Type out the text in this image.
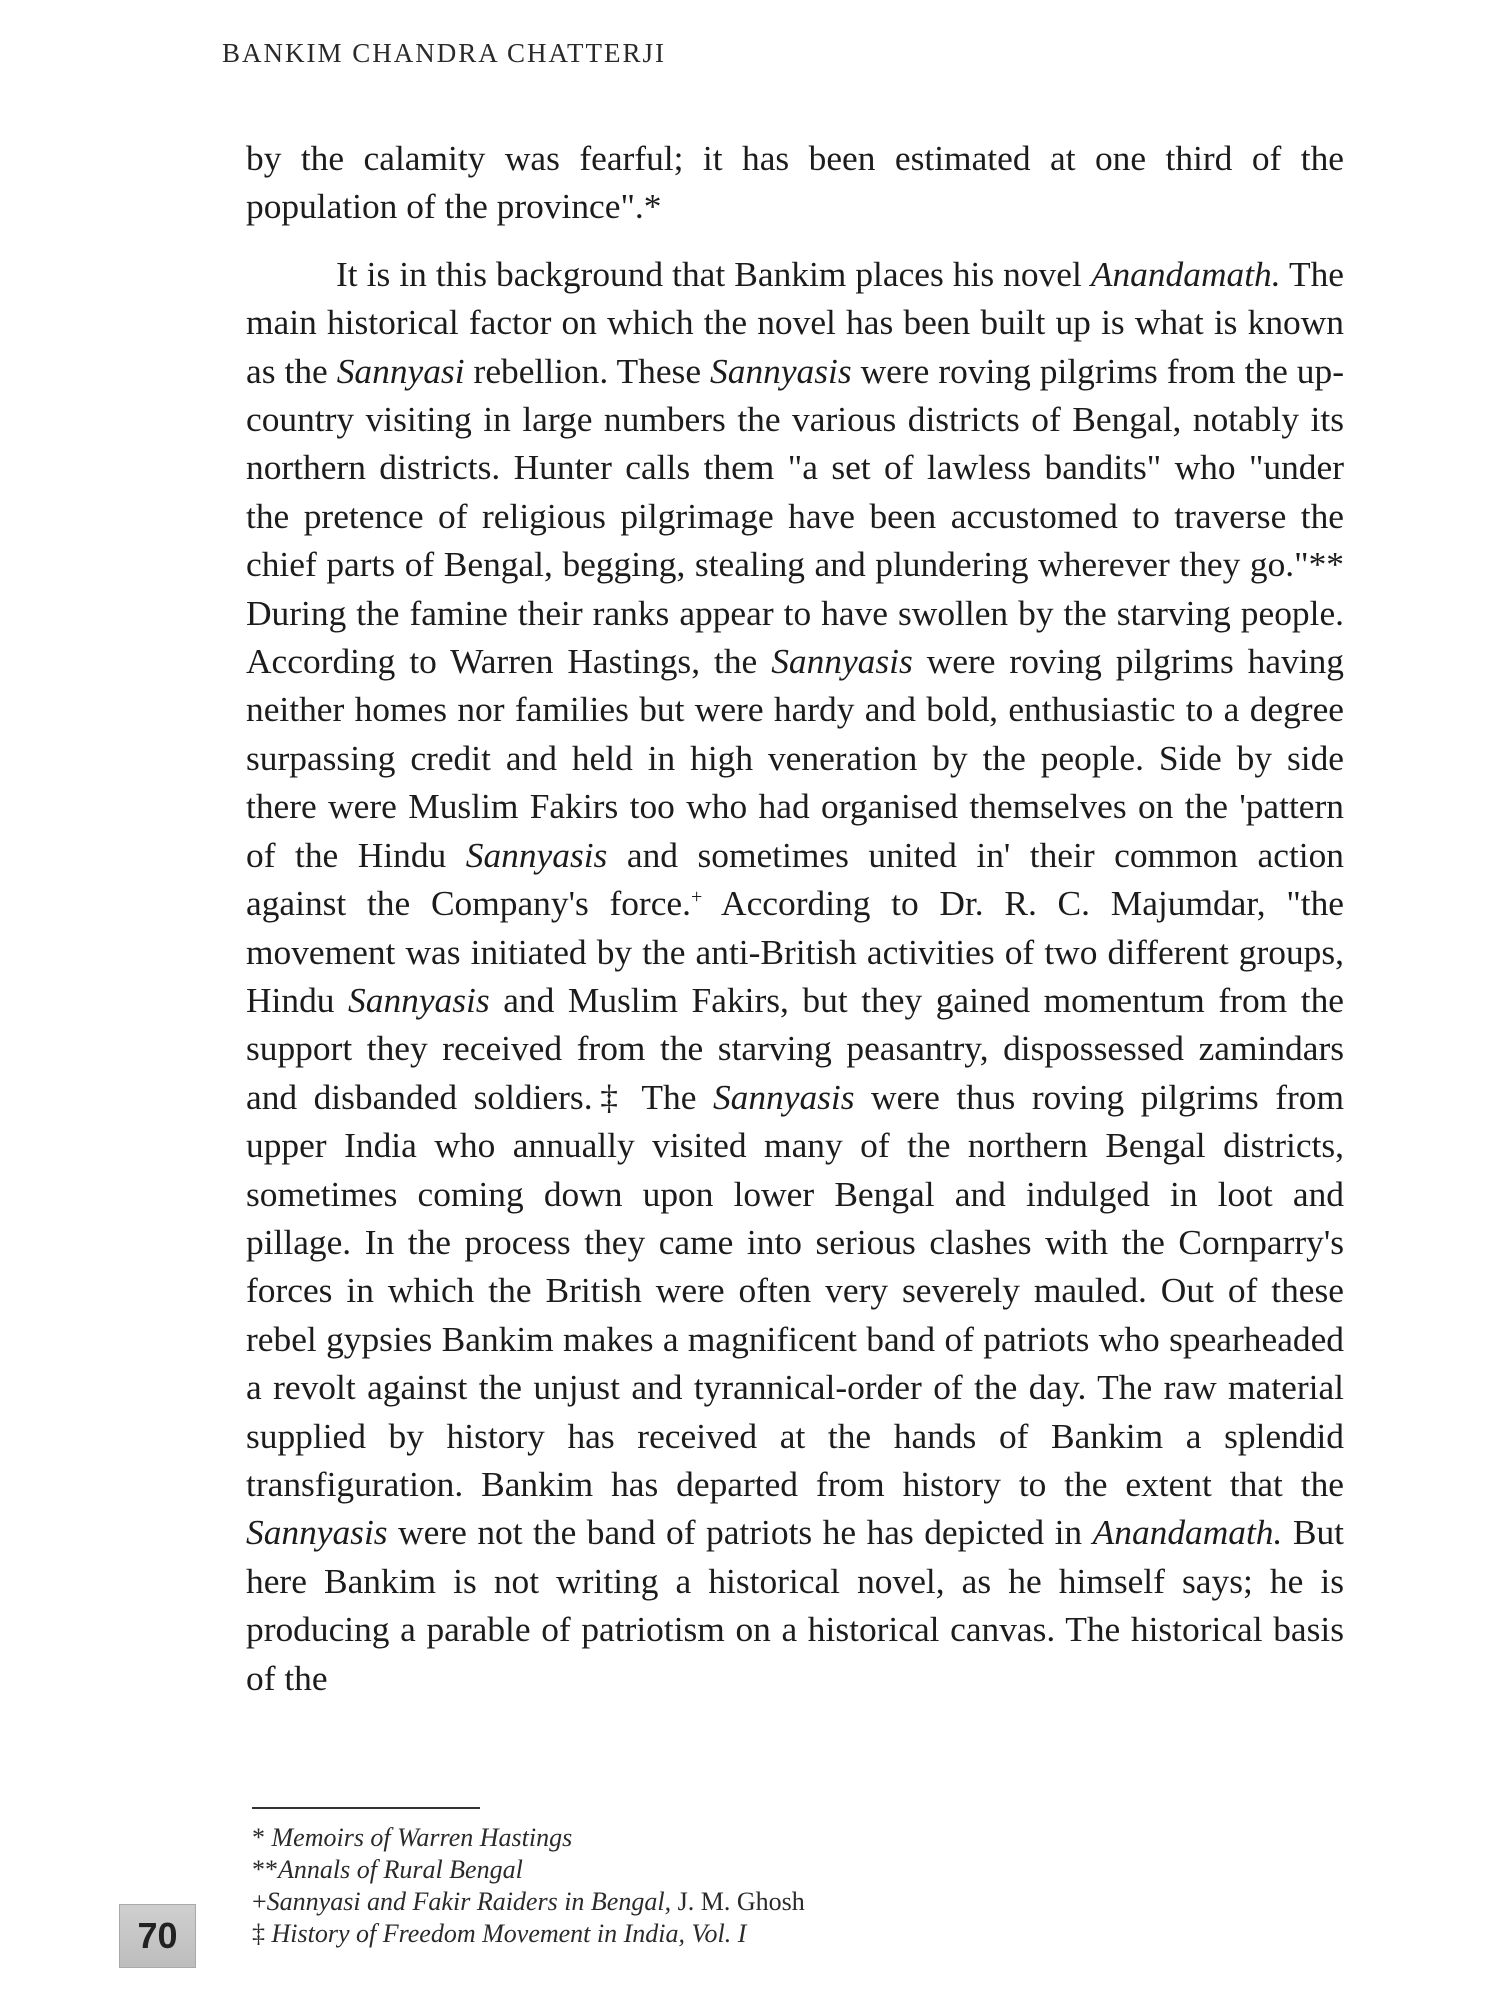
BANKIM CHANDRA CHATTERJI

by the calamity was fearful; it has been estimated at one third of the population of the province".*

It is in this background that Bankim places his novel Anandamath. The main historical factor on which the novel has been built up is what is known as the Sannyasi rebellion. These Sannyasis were roving pilgrims from the up-country visiting in large numbers the various districts of Bengal, notably its northern districts. Hunter calls them "a set of lawless bandits" who "under the pretence of religious pilgrimage have been accustomed to traverse the chief parts of Bengal, begging, stealing and plundering wherever they go."** During the famine their ranks appear to have swollen by the starving people. According to Warren Hastings, the Sannyasis were roving pilgrims having neither homes nor families but were hardy and bold, enthusiastic to a degree surpassing credit and held in high veneration by the people. Side by side there were Muslim Fakirs too who had organised themselves on the 'pattern of the Hindu Sannyasis and sometimes united in' their common action against the Company's force.+ According to Dr. R. C. Majumdar, "the movement was initiated by the anti-British activities of two different groups, Hindu Sannyasis and Muslim Fakirs, but they gained momentum from the support they received from the starving peasantry, dispossessed zamindars and disbanded soldiers.‡ The Sannyasis were thus roving pilgrims from upper India who annually visited many of the northern Bengal districts, sometimes coming down upon lower Bengal and indulged in loot and pillage. In the process they came into serious clashes with the Cornparry's forces in which the British were often very severely mauled. Out of these rebel gypsies Bankim makes a magnificent band of patriots who spearheaded a revolt against the unjust and tyrannical-order of the day. The raw material supplied by history has received at the hands of Bankim a splendid transfiguration. Bankim has departed from history to the extent that the Sannyasis were not the band of patriots he has depicted in Anandamath. But here Bankim is not writing a historical novel, as he himself says; he is producing a parable of patriotism on a historical canvas. The historical basis of the

* Memoirs of Warren Hastings
**Annals of Rural Bengal
+Sannyasi and Fakir Raiders in Bengal, J. M. Ghosh
‡ History of Freedom Movement in India, Vol. I
70
